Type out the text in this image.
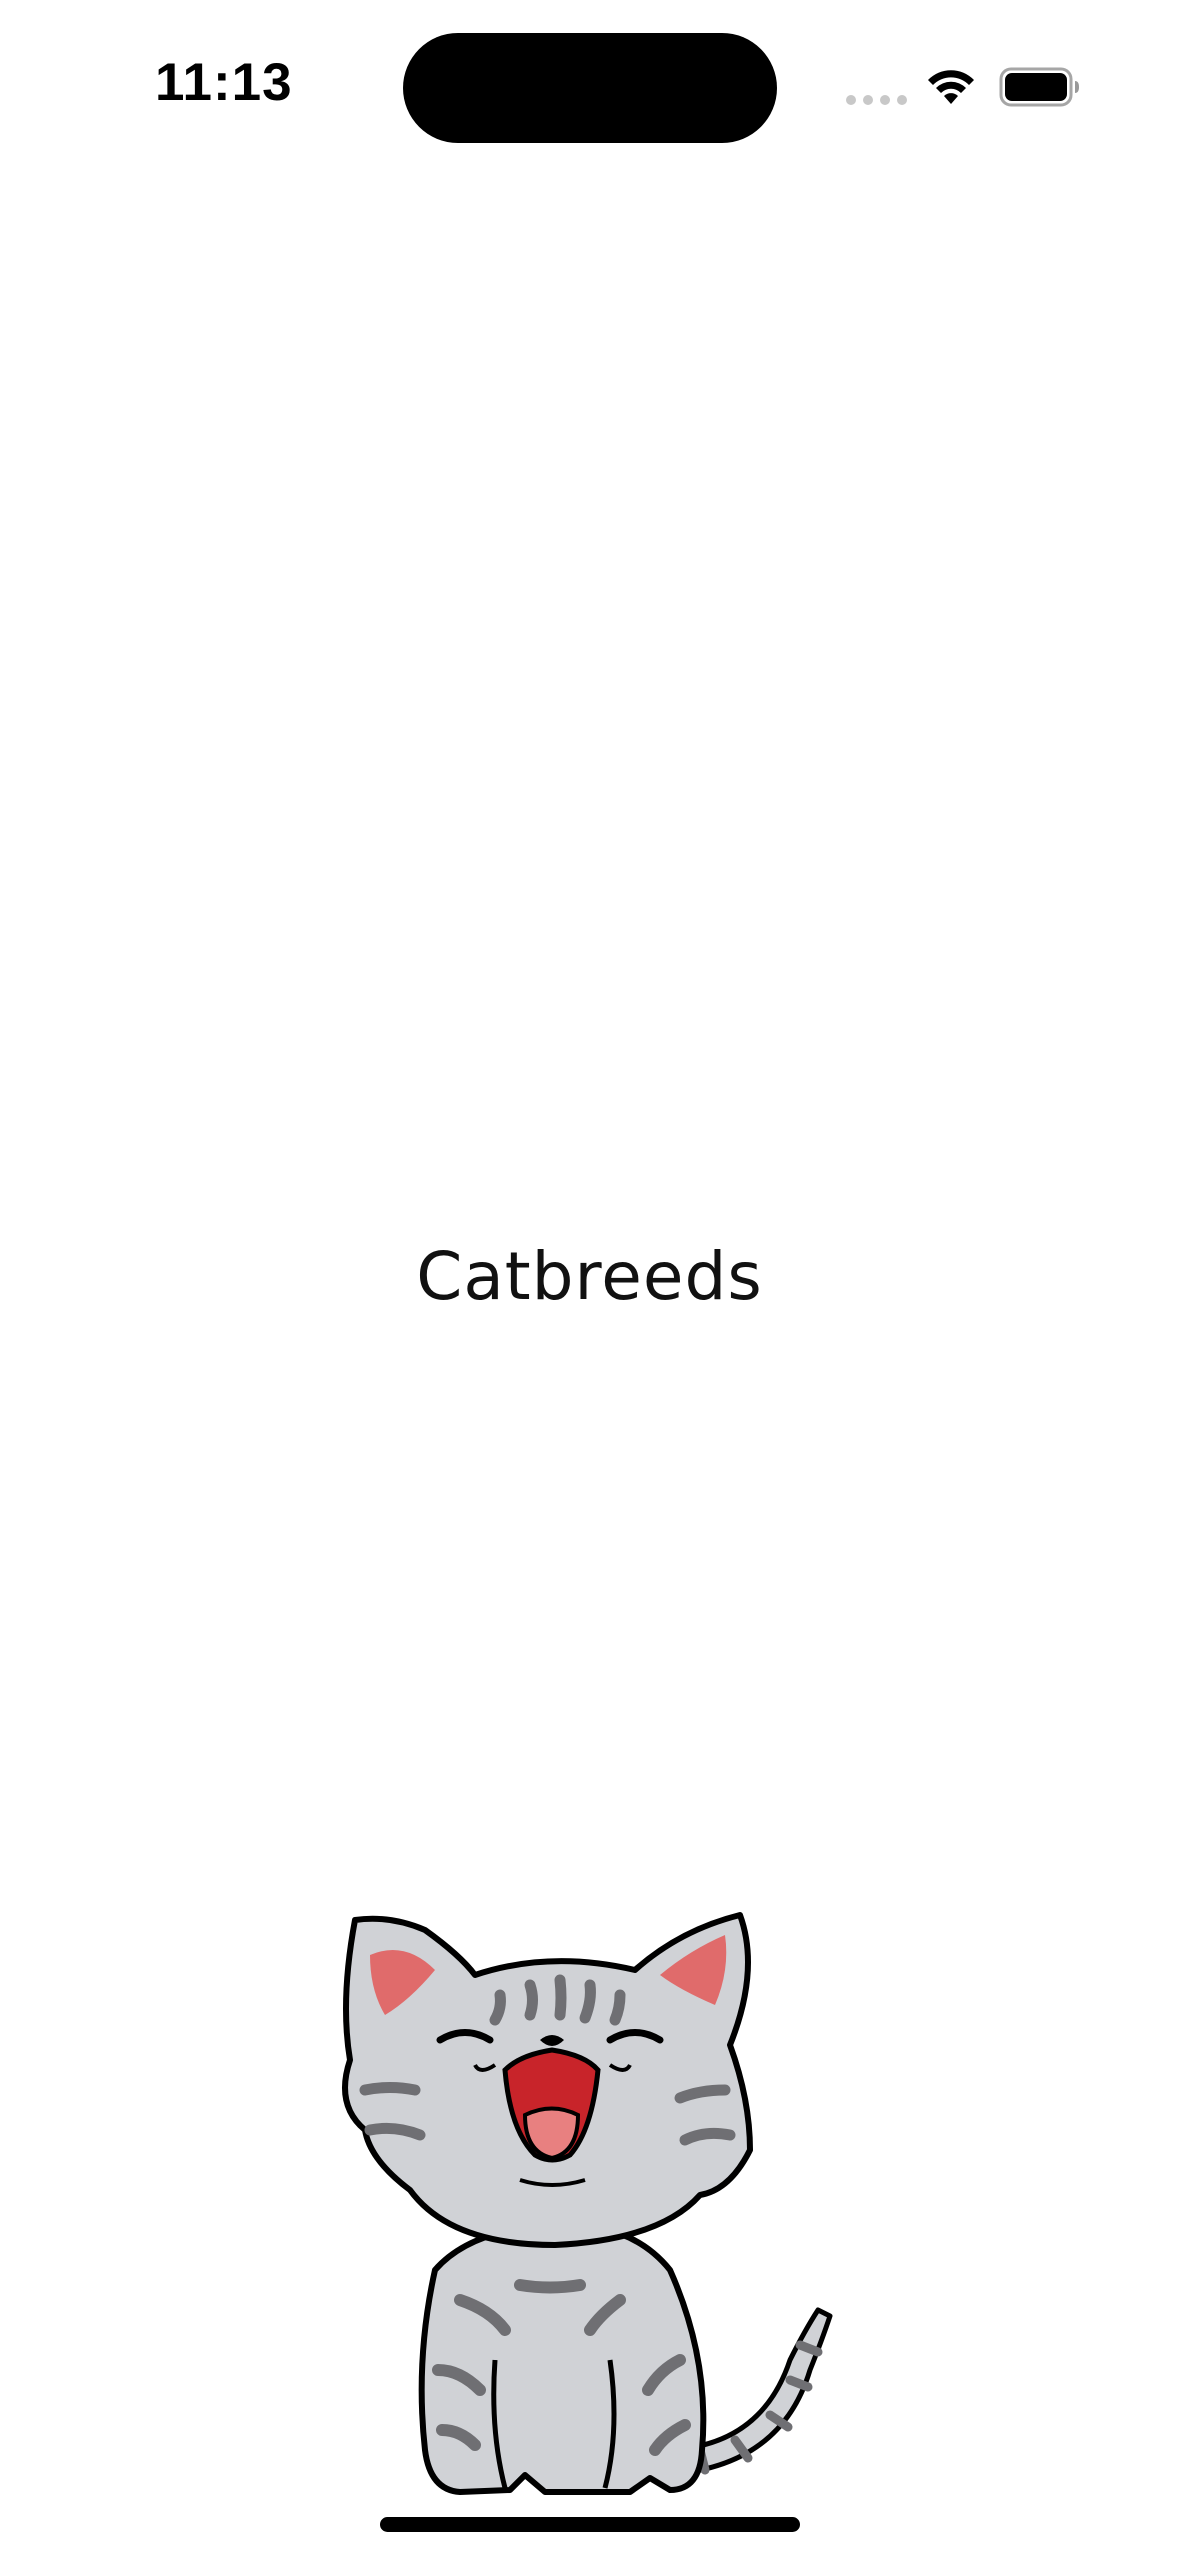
11:13
Catbreeds
